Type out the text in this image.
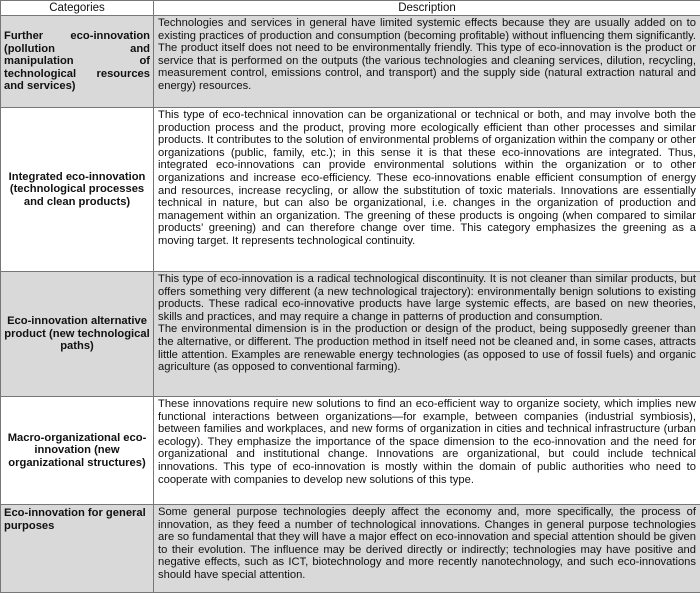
Categories	Description
Further eco-innovation (pollution and manipulation of technological resources and services)	Technologies and services in general have limited systemic effects because they are usually added on to existing practices of production and consumption (becoming profitable) without influencing them significantly. The product itself does not need to be environmentally friendly. This type of eco-innovation is the product or service that is performed on the outputs (the various technologies and cleaning services, dilution, recycling, measurement control, emissions control, and transport) and the supply side (natural extraction natural and energy) resources.

Integrated eco-innovation (technological processes and clean products)	This type of eco-technical innovation can be organizational or technical or both, and may involve both the production process and the product, proving more ecologically efficient than other processes and similar products. It contributes to the solution of environmental problems of organization within the company or other organizations (public, family, etc.); in this sense it is that these eco-innovations are integrated. Thus, integrated eco-innovations can provide environmental solutions within the organization or to other organizations and increase eco-efficiency. These eco-innovations enable efficient consumption of energy and resources, increase recycling, or allow the substitution of toxic materials. Innovations are essentially technical in nature, but can also be organizational, i.e. changes in the organization of production and management within an organization. The greening of these products is ongoing (when compared to similar products’ greening) and can therefore change over time. This category emphasizes the greening as a moving target. It represents technological continuity.

Eco-innovation alternative product (new technological paths)	This type of eco-innovation is a radical technological discontinuity. It is not cleaner than similar products, but offers something very different (a new technological trajectory): environmentally benign solutions to existing products. These radical eco-innovative products have large systemic effects, are based on new theories, skills and practices, and may require a change in patterns of production and consumption.

The environmental dimension is in the production or design of the product, being supposedly greener than the alternative, or different. The production method in itself need not be cleaned and, in some cases, attracts little attention. Examples are renewable energy technologies (as opposed to use of fossil fuels) and organic agriculture (as opposed to conventional farming).

Macro-organizational eco-innovation (new organizational structures)	These innovations require new solutions to find an eco-efficient way to organize society, which implies new functional interactions between organizations—for example, between companies (industrial symbiosis), between families and workplaces, and new forms of organization in cities and technical infrastructure (urban ecology). They emphasize the importance of the space dimension to the eco-innovation and the need for organizational and institutional change. Innovations are organizational, but could include technical innovations. This type of eco-innovation is mostly within the domain of public authorities who need to cooperate with companies to develop new solutions of this type.

Eco-innovation for general purposes	Some general purpose technologies deeply affect the economy and, more specifically, the process of innovation, as they feed a number of technological innovations. Changes in general purpose technologies are so fundamental that they will have a major effect on eco-innovation and special attention should be given to their evolution. The influence may be derived directly or indirectly; technologies may have positive and negative effects, such as ICT, biotechnology and more recently nanotechnology, and such eco-innovations should have special attention.
